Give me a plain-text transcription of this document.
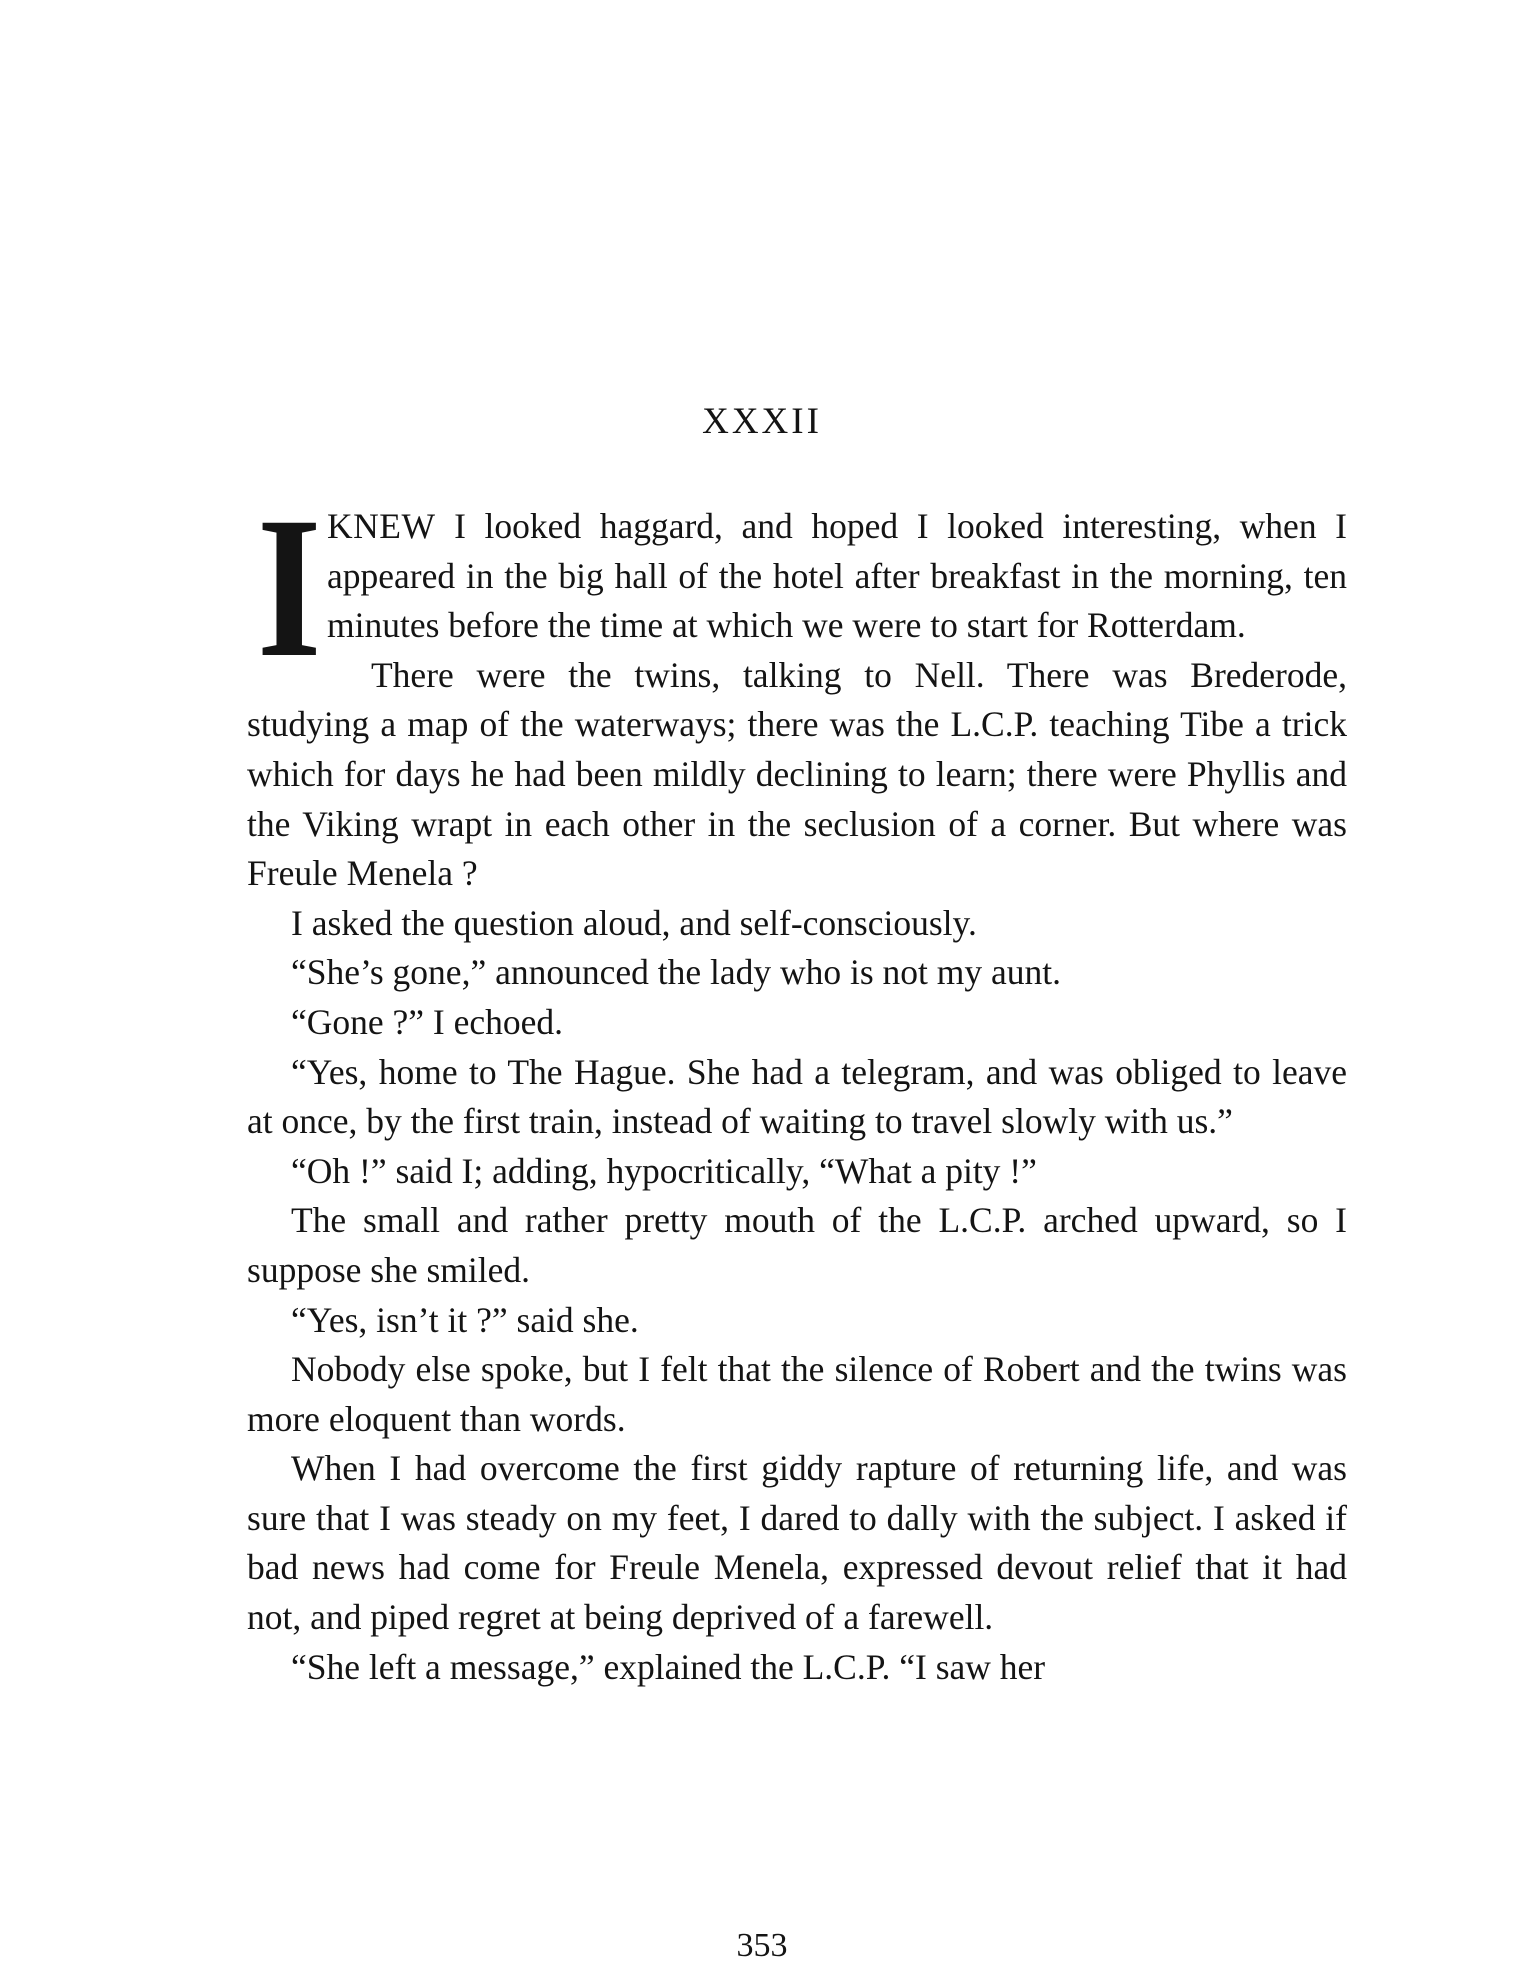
XXXII

IKNEW I looked haggard, and hoped I looked interesting, when I appeared in the big hall of the hotel after breakfast in the morning, ten minutes before the time at which we were to start for Rotterdam.

There were the twins, talking to Nell. There was Brederode, studying a map of the waterways; there was the L.C.P. teaching Tibe a trick which for days he had been mildly declining to learn; there were Phyllis and the Viking wrapt in each other in the seclusion of a corner. But where was Freule Menela ?

I asked the question aloud, and self-consciously.

“She’s gone,” announced the lady who is not my aunt.

“Gone ?” I echoed.

“Yes, home to The Hague. She had a telegram, and was obliged to leave at once, by the first train, instead of waiting to travel slowly with us.”

“Oh !” said I; adding, hypocritically, “What a pity !”

The small and rather pretty mouth of the L.C.P. arched upward, so I suppose she smiled.

“Yes, isn’t it ?” said she.

Nobody else spoke, but I felt that the silence of Robert and the twins was more eloquent than words.

When I had overcome the first giddy rapture of returning life, and was sure that I was steady on my feet, I dared to dally with the subject. I asked if bad news had come for Freule Menela, expressed devout relief that it had not, and piped regret at being deprived of a farewell.

“She left a message,” explained the L.C.P. “I saw her

353
